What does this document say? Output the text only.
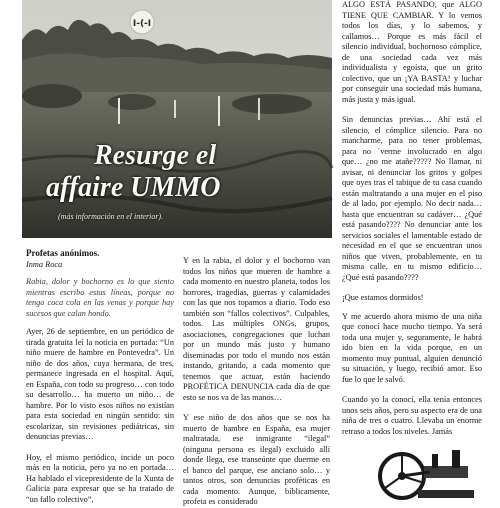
I-(-I
Resurge el
affaire UMMO
(más información en el interior).
Profetas anónimos.
Inma Roca
Rabia, dolor y bochorno es lo que siento mientras escribo estas líneas, porque no tengo coca cola en las venas y porque hay sucesos que calan hondo.

Ayer, 26 de septiembre, en un periódico de tirada gratuita leí la noticia en portada: “Un niño muere de hambre en Pontevedra”. Un niño de dos años, cuya hermana, de tres, permanece ingresada en el hospital. Aquí, en España, con todo su progreso… con todo su desarrollo… ha muerto un niño… de hambre. Por lo visto esos niños no existían para esta sociedad en ningún sentido: sin escolarizar, sin revisiones pediátricas, sin denuncias previas…

Hoy, el mismo periódico, incide un poco más en la noticia, pero ya no en portada… Ha hablado el vicepresidente de la Xunta de Galicia para expresar que se ha tratado de “un fallo colectivo”,

Y en la rabia, el dolor y el bochorno van todos los niños que mueren de hambre a cada momento en nuestro planeta, todos los horrores, tragedias, guerras y calamidades con las que nos topamos a diario. Todo eso también son “fallos colectivos”. Culpables, todos. Las múltiples ONGs, grupos, asociaciones, congregaciones que luchan por un mundo más justo y humano diseminadas por todo el mundo nos están instando, gritando, a cada momento que tenemos que actuar, están haciendo PROFÉTICA DENUNCIA cada día de que esto se nos va de las manos…

Y ese niño de dos años que se nos ha muerto de hambre en España, esa mujer maltratada, ese inmigrante “ilegal” (ninguna persona es ilegal) excluido allí donde llega, ese transeúnte que duerme en el banco del parque, ese anciano solo… y tantos otros, son denuncias proféticas en cada momento. Aunque, bíblicamente, profeta es considerado

ALGO ESTÁ PASANDO, que ALGO TIENE QUE CAMBIAR. Y lo vemos todos los días, y lo sabemos, y callamos… Porque es más fácil el silencio individual, bochornoso cómplice, de una sociedad cada vez más individualista y egoísta, que un grito colectivo, que un ¡YA BASTA! y luchar por conseguir una sociedad más humana, más justa y más igual.

Sin denuncias previas… Ahí está el silencio, el cómplice silencio. Para no mancharme, para no tener problemas, para no ´verme involucrado en algo que… ¿no me atañe????? No llamar, ni avisar, ni denunciar los gritos y golpes que oyes tras el tabique de tu casa cuando están maltratando a una mujer en el piso de al lado, por ejemplo. No decir nada… hasta que encuentran su cadáver… ¿Qué está pasando???? No denunciar ante los servicios sociales el lamentable estado de necesidad en el que se encuentran unos niños que viven, probablemente, en tu misma calle, en tu mismo edificio… ¿Qué está pasando????

¡Que estamos dormidos!

Y me acuerdo ahora mismo de una niña que conocí hace mucho tiempo. Ya será toda una mujer y, seguramente, le habrá ido bien en la vida porque, en un momento muy puntual, alguien denunció su situación, y luego, recibió amor. Eso fue lo que le salvó.

Cuando yo la conocí, ella tenía entonces unos seis años, pero su aspecto era de una niña de tres o cuatro. Llevaba un enorme retraso a todos los niveles. Jamás
